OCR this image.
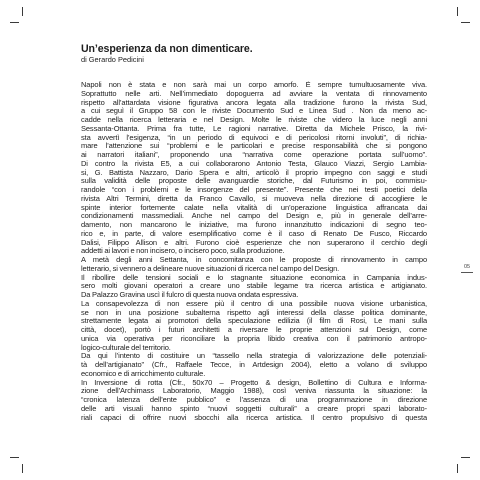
Un’esperienza da non dimenticare.

di Gerardo Pedicini

Napoli non è stata e non sarà mai un corpo amorfo. È sempre tumultuosamente viva.
Soprattutto nelle arti. Nell’immediato dopoguerra ad avviare la ventata di rinnovamento
rispetto all’attardata visione figurativa ancora legata alla tradizione furono la rivista Sud,
a cui seguì il Gruppo 58 con le riviste Documento Sud e Linea Sud . Non da meno ac-
cadde nella ricerca letteraria e nel Design. Molte le riviste che videro la luce negli anni
Sessanta-Ottanta. Prima fra tutte, Le ragioni narrative. Diretta da Michele Prisco, la rivi-
sta avvertì l’esigenza, “in un periodo di equivoci e di pericolosi ritorni involuti”, di richia-
mare l’attenzione sui “problemi e le particolari e precise responsabilità che si pongono
ai narratori italiani”, proponendo una “narrativa come operazione portata sull’uomo”.
Di contro la rivista E5, a cui collaborarono Antonio Testa, Glauco Viazzi, Sergio Lambia-
si, G. Battista Nazzaro, Dario Spera e altri, articolò il proprio impegno con saggi e studi
sulla validità delle proposte delle avanguardie storiche, dal Futurismo in poi, commisu-
randole “con i problemi e le insorgenze del presente”. Presente che nei testi poetici della
rivista Altri Termini, diretta da Franco Cavallo, si muoveva nella direzione di accogliere le
spinte interior fortemente calate nella vitalità di un’operazione linguistica affrancata dai
condizionamenti massmediali. Anche nel campo del Design e, più in generale dell’arre-
damento, non mancarono le iniziative, ma furono innanzitutto indicazioni di segno teo-
rico e, in parte, di valore esemplificativo come è il caso di Renato De Fusco, Riccardo
Dalisi, Filippo Allison e altri. Furono cioè esperienze che non superarono il cerchio degli
addetti ai lavori e non incisero, o incisero poco, sulla produzione.
A metà degli anni Settanta, in concomitanza con le proposte di rinnovamento in campo
letterario, si vennero a delineare nuove situazioni di ricerca nel campo del Design.
Il ribollire delle tensioni sociali e lo stagnante situazione economica in Campania indus-
sero molti giovani operatori a creare uno stabile legame tra ricerca artistica e artigianato.
Da Palazzo Gravina uscì il fulcro di questa nuova ondata espressiva.
La consapevolezza di non essere più il centro di una possibile nuova visione urbanistica,
se non in una posizione subalterna rispetto agli interessi della classe politica dominante,
strettamente legata ai promotori della speculazione edilizia (il film di Rosi, Le mani sulla
città, docet), portò i futuri architetti a riversare le proprie attenzioni sul Design, come
unica via operativa per riconciliare la propria libido creativa con il patrimonio antropo-
logico-culturale del territorio.
Da qui l’intento di costituire un “tassello nella strategia di valorizzazione delle potenziali-
tà dell’artigianato” (Cfr., Raffaele Tecce, in Artdesign 2004), eletto a volano di sviluppo
economico e di arricchimento culturale.
In Inversione di rotta (Cfr., 50x70 – Progetto & design, Bollettino di Cultura e Informa-
zione dell’Archimass Laboratorio, Maggio 1988), così veniva riassunta la situazione: la
“cronica latenza dell’ente pubblico” e l’assenza di una programmazione in direzione
delle arti visuali hanno spinto “nuovi soggetti culturali” a creare propri spazi laborato-
riali capaci di offrire nuovi sbocchi alla ricerca artistica. Il centro propulsivo di questa
05
